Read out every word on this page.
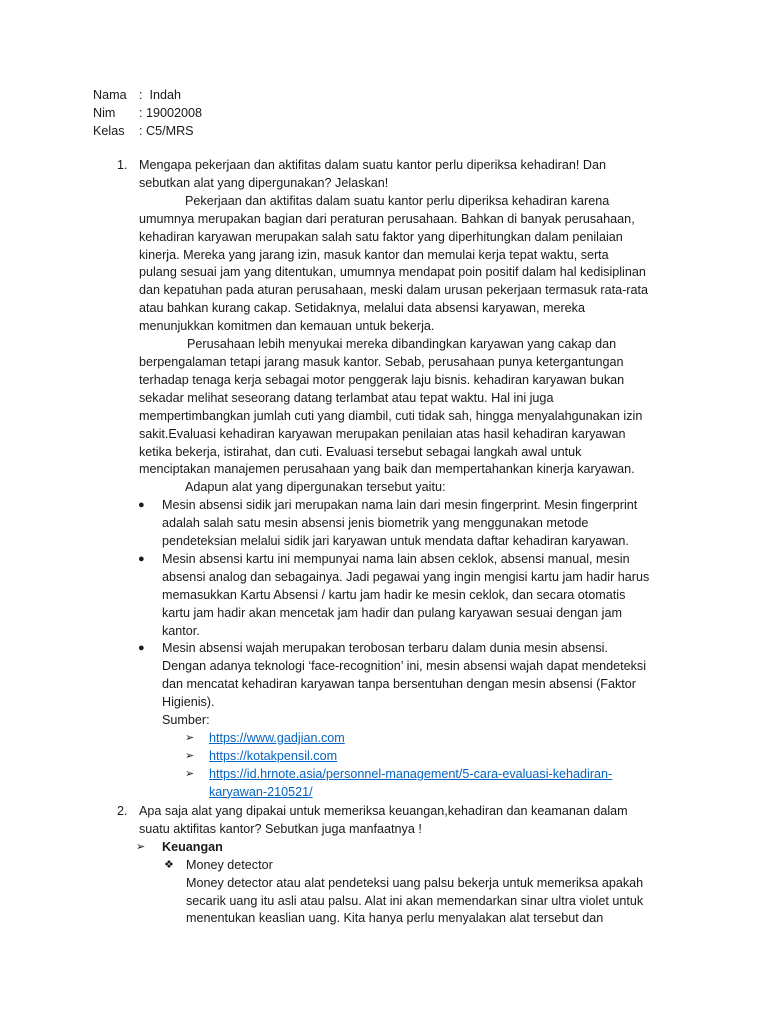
Nama : Indah
Nim	: 19002008
Kelas	: C5/MRS
1. Mengapa pekerjaan dan aktifitas dalam suatu kantor perlu diperiksa kehadiran! Dan sebutkan alat yang dipergunakan? Jelaskan!
Pekerjaan dan aktifitas dalam suatu kantor perlu diperiksa kehadiran karena umumnya merupakan bagian dari peraturan perusahaan. Bahkan di banyak perusahaan, kehadiran karyawan merupakan salah satu faktor yang diperhitungkan dalam penilaian kinerja. Mereka yang jarang izin, masuk kantor dan memulai kerja tepat waktu, serta pulang sesuai jam yang ditentukan, umumnya mendapat poin positif dalam hal kedisiplinan dan kepatuhan pada aturan perusahaan, meski dalam urusan pekerjaan termasuk rata-rata atau bahkan kurang cakap. Setidaknya, melalui data absensi karyawan, mereka menunjukkan komitmen dan kemauan untuk bekerja.
Perusahaan lebih menyukai mereka dibandingkan karyawan yang cakap dan berpengalaman tetapi jarang masuk kantor. Sebab, perusahaan punya ketergantungan terhadap tenaga kerja sebagai motor penggerak laju bisnis. kehadiran karyawan bukan sekadar melihat seseorang datang terlambat atau tepat waktu. Hal ini juga mempertimbangkan jumlah cuti yang diambil, cuti tidak sah, hingga menyalahgunakan izin sakit.Evaluasi kehadiran karyawan merupakan penilaian atas hasil kehadiran karyawan ketika bekerja, istirahat, dan cuti. Evaluasi tersebut sebagai langkah awal untuk menciptakan manajemen perusahaan yang baik dan mempertahankan kinerja karyawan.
Adapun alat yang dipergunakan tersebut yaitu:
● Mesin absensi sidik jari merupakan nama lain dari mesin fingerprint. Mesin fingerprint adalah salah satu mesin absensi jenis biometrik yang menggunakan metode pendeteksian melalui sidik jari karyawan untuk mendata daftar kehadiran karyawan.
● Mesin absensi kartu ini mempunyai nama lain absen ceklok, absensi manual, mesin absensi analog dan sebagainya. Jadi pegawai yang ingin mengisi kartu jam hadir harus memasukkan Kartu Absensi / kartu jam hadir ke mesin ceklok, dan secara otomatis kartu jam hadir akan mencetak jam hadir dan pulang karyawan sesuai dengan jam kantor.
● Mesin absensi wajah merupakan terobosan terbaru dalam dunia mesin absensi. Dengan adanya teknologi ‘face-recognition’ ini, mesin absensi wajah dapat mendeteksi dan mencatat kehadiran karyawan tanpa bersentuhan dengan mesin absensi (Faktor Higienis).
Sumber:
➢ https://www.gadjian.com
➢ https://kotakpensil.com
➢ https://id.hrnote.asia/personnel-management/5-cara-evaluasi-kehadiran-karyawan-210521/
2. Apa saja alat yang dipakai untuk memeriksa keuangan,kehadiran dan keamanan dalam suatu aktifitas kantor? Sebutkan juga manfaatnya !
➢ Keuangan
❖ Money detector
Money detector atau alat pendeteksi uang palsu bekerja untuk memeriksa apakah secarik uang itu asli atau palsu. Alat ini akan memendarkan sinar ultra violet untuk menentukan keaslian uang. Kita hanya perlu menyalakan alat tersebut dan
